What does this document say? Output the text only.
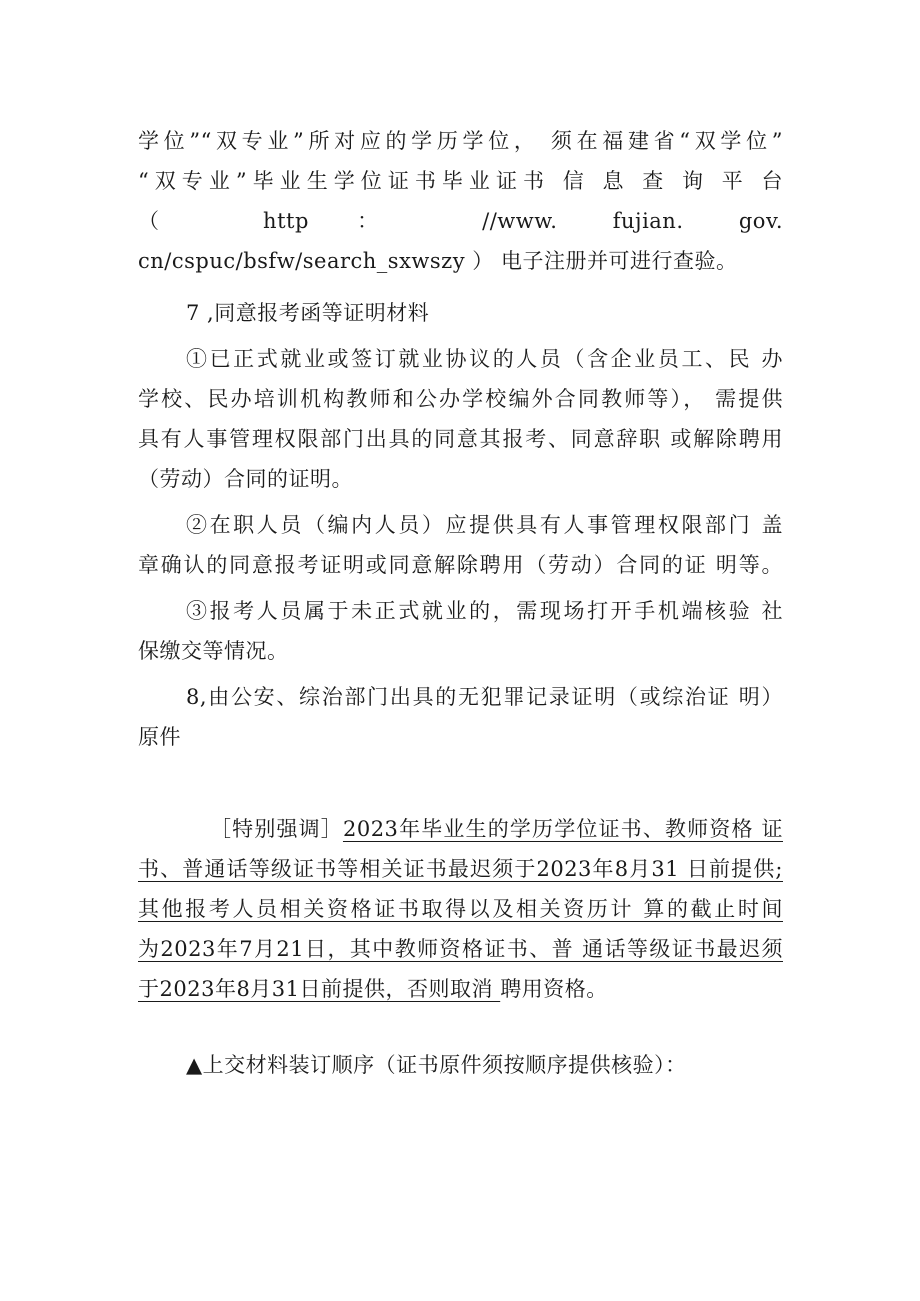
学位”“双专业”所对应的学历学位， 须在福建省“双学位”
“双专业”毕业生学位证书毕业证书 信 息 查 询 平 台
（ http： //www. fujian. gov.
cn/cspuc/bsfw/search_sxwszy ） 电子注册并可进行查验。
7 ,同意报考函等证明材料
①已正式就业或签订就业协议的人员（含企业员工、民 办
学校、民办培训机构教师和公办学校编外合同教师等）， 需提供
具有人事管理权限部门出具的同意其报考、同意辞职 或解除聘用
（劳动）合同的证明。
②在职人员（编内人员）应提供具有人事管理权限部门 盖
章确认的同意报考证明或同意解除聘用（劳动）合同的证 明等。
③报考人员属于未正式就业的，需现场打开手机端核验 社
保缴交等情况。
8,由公安、综治部门出具的无犯罪记录证明（或综治证 明）
原件
［特别强调］2023年毕业生的学历学位证书、教师资格 证
书、普通话等级证书等相关证书最迟须于2023年8月31 日前提供;
其他报考人员相关资格证书取得以及相关资历计 算的截止时间
为2023年7月21日，其中教师资格证书、普 通话等级证书最迟须
于2023年8月31日前提供，否则取消 聘用资格。
▲上交材料装订顺序（证书原件须按顺序提供核验）：
